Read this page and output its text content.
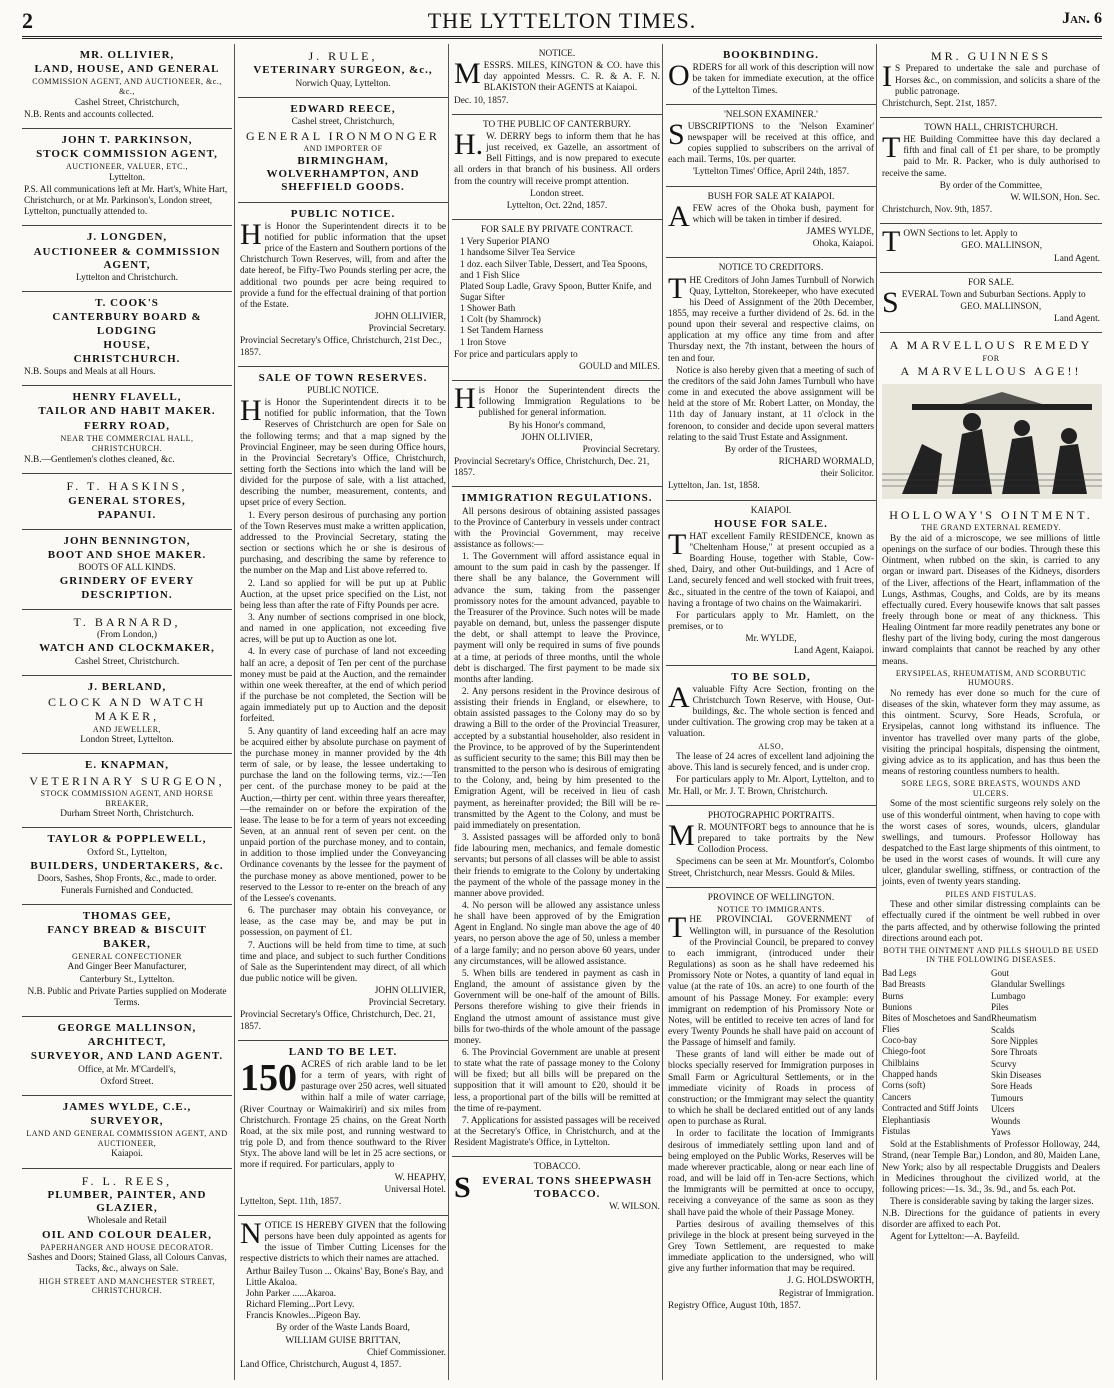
2	THE LYTTELTON TIMES.	Jan. 6
MR. OLLIVIER,
LAND, HOUSE, AND GENERAL
COMMISSION AGENT, AND AUCTIONEER, &c., &c.,
Cashel Street, Christchurch,
N.B. Rents and accounts collected.
JOHN T. PARKINSON,
STOCK COMMISSION AGENT,
AUCTIONEER, VALUER, ETC.,
Lyttelton.
P.S. All communications left at Mr. Hart's, White Hart, Christchurch, or at Mr. Parkinson's, London street, Lyttelton, punctually attended to.
J. LONGDEN,
AUCTIONEER & COMMISSION AGENT,
Lyttelton and Christchurch.
T. COOK'S
CANTERBURY BOARD & LODGING
HOUSE,
CHRISTCHURCH.
N.B. Soups and Meals at all Hours.
HENRY FLAVELL,
TAILOR AND HABIT MAKER.
FERRY ROAD,
NEAR THE COMMERCIAL HALL,
CHRISTCHURCH.
N.B.—Gentlemen's clothes cleaned, &c.
F. T. HASKINS,
GENERAL STORES,
PAPANUI.
JOHN BENNINGTON,
BOOT AND SHOE MAKER.
BOOTS OF ALL KINDS.
GRINDERY OF EVERY DESCRIPTION.
T. BARNARD,
(From London,)
WATCH AND CLOCKMAKER,
Cashel Street, Christchurch.
J. BERLAND,
CLOCK AND WATCH MAKER,
AND JEWELLER,
London Street, Lyttelton.
E. KNAPMAN,
VETERINARY SURGEON,
STOCK COMMISSION AGENT, AND HORSE BREAKER,
Durham Street North, Christchurch.
TAYLOR & POPPLEWELL,
Oxford St., Lyttelton,
BUILDERS, UNDERTAKERS, &c.
Doors, Sashes, Shop Fronts, &c., made to order.
Funerals Furnished and Conducted.
THOMAS GEE,
FANCY BREAD & BISCUIT BAKER,
GENERAL CONFECTIONER
And Ginger Beer Manufacturer,
Canterbury St., Lyttelton.
N.B. Public and Private Parties supplied on Moderate Terms.
GEORGE MALLINSON,
ARCHITECT,
SURVEYOR, AND LAND AGENT.
Office, at Mr. M'Cardell's,
Oxford Street.
JAMES WYLDE, C.E.,
SURVEYOR,
LAND AND GENERAL COMMISSION AGENT, AND AUCTIONEER,
Kaiapoi.
F. L. REES,
PLUMBER, PAINTER, AND GLAZIER,
Wholesale and Retail
OIL AND COLOUR DEALER,
PAPERHANGER AND HOUSE DECORATOR.
Sashes and Doors; Stained Glass, all Colours Canvas, Tacks, &c., always on Sale.
HIGH STREET AND MANCHESTER STREET, CHRISTCHURCH.
J. RULE,
VETERINARY SURGEON, &c.,
Norwich Quay, Lyttelton.
EDWARD REECE,
Cashel street, Christchurch,
GENERAL IRONMONGER
AND IMPORTER OF
BIRMINGHAM, WOLVERHAMPTON, AND SHEFFIELD GOODS.
PUBLIC NOTICE.
His Honor the Superintendent directs it to be notified for public information that the upset price of the Eastern and Southern portions of the Christchurch Town Reserves, will, from and after the date hereof, be Fifty-Two Pounds sterling per acre, the additional two pounds per acre being required to provide a fund for the effectual draining of that portion of the Estate.
JOHN OLLIVIER,
Provincial Secretary.
Provincial Secretary's Office, Christchurch, 21st Dec., 1857.
SALE OF TOWN RESERVES.
PUBLIC NOTICE.
His Honor the Superintendent directs it to be notified for public information, that the Town Reserves of Christchurch are open for Sale on the following terms; and that a map signed by the Provincial Engineer, may be seen during Office hours, in the Provincial Secretary's Office, Christchurch, setting forth the Sections into which the land will be divided for the purpose of sale, with a list attached, describing the number, measurement, contents, and upset price of every Section.
1. Every person desirous of purchasing any portion of the Town Reserves must make a written application, addressed to the Provincial Secretary, stating the section or sections which he or she is desirous of purchasing, and describing the same by reference to the number on the Map and List above referred to.
2. Land so applied for will be put up at Public Auction, at the upset price specified on the List, not being less than after the rate of Fifty Pounds per acre.
3. Any number of sections comprised in one block, and named in one application, not exceeding five acres, will be put up to Auction as one lot.
4. In every case of purchase of land not exceeding half an acre, a deposit of Ten per cent of the purchase money must be paid at the Auction, and the remainder within one week thereafter, at the end of which period if the purchase be not completed, the Section will be again immediately put up to Auction and the deposit forfeited.
5. Any quantity of land exceeding half an acre may be acquired either by absolute purchase on payment of the purchase money in manner provided by the 4th term of sale, or by lease, the lessee undertaking to purchase the land on the following terms, viz.:—Ten per cent. of the purchase money to be paid at the Auction,—thirty per cent. within three years thereafter,—the remainder on or before the expiration of the lease. The lease to be for a term of years not exceeding Seven, at an annual rent of seven per cent. on the unpaid portion of the purchase money, and to contain, in addition to those implied under the Conveyancing Ordinance covenants by the lessee for the payment of the purchase money as above mentioned, power to be reserved to the Lessor to re-enter on the breach of any of the Lessee's covenants.
6. The purchaser may obtain his conveyance, or lease, as the case may be, and may be put in possession, on payment of £1.
7. Auctions will be held from time to time, at such time and place, and subject to such further Conditions of Sale as the Superintendent may direct, of all which due public notice will be given.
JOHN OLLIVIER,
Provincial Secretary.
Provincial Secretary's Office, Christchurch, Dec. 21, 1857.
LAND TO BE LET.
150 ACRES of rich arable land to be let for a term of years, with right of pasturage over 250 acres, well situated within half a mile of water carriage, (River Courtnay or Waimakiriri) and six miles from Christchurch. Frontage 25 chains, on the Great North Road, at the six mile post, and running westward to trig pole D, and from thence southward to the River Styx. The above land will be let in 25 acre sections, or more if required. For particulars, apply to
W. HEAPHY,
Universal Hotel.
Lyttelton, Sept. 11th, 1857.
NOTICE IS HEREBY GIVEN that the following persons have been duly appointed as agents for the issue of Timber Cutting Licenses for the respective districts to which their names are attached.
Arthur Bailey Tuson ... Okains' Bay, Bone's Bay, and Little Akaloa.
John Parker ......Akaroa.
Richard Fleming...Port Levy.
Francis Knowles...Pigeon Bay.
By order of the Waste Lands Board,
WILLIAM GUISE BRITTAN,
Chief Commissioner.
Land Office, Christchurch, August 4, 1857.
NOTICE.
MESSRS. MILES, KINGTON & CO. have this day appointed Messrs. C. R. & A. F. N. BLAKISTON their AGENTS at Kaiapoi.
Dec. 10, 1857.
TO THE PUBLIC OF CANTERBURY.
H.W. DERRY begs to inform them that he has just received, ex Gazelle, an assortment of Bell Fittings, and is now prepared to execute all orders in that branch of his business. All orders from the country will receive prompt attention.
London street.
Lyttelton, Oct. 22nd, 1857.
FOR SALE BY PRIVATE CONTRACT.
1 Very Superior PIANO
1 handsome Silver Tea Service
1 doz. each Silver Table, Dessert, and Tea Spoons, and 1 Fish Slice
Plated Soup Ladle, Gravy Spoon, Butter Knife, and Sugar Sifter
1 Shower Bath
1 Colt (by Shamrock)
1 Set Tandem Harness
1 Iron Stove
For price and particulars apply to
GOULD and MILES.
His Honor the Superintendent directs the following Immigration Regulations to be published for general information.
By his Honor's command,
JOHN OLLIVIER,
Provincial Secretary.
Provincial Secretary's Office, Christchurch, Dec. 21, 1857.
IMMIGRATION REGULATIONS.
All persons desirous of obtaining assisted passages to the Province of Canterbury in vessels under contract with the Provincial Government, may receive assistance as follows:—
1. The Government will afford assistance equal in amount to the sum paid in cash by the passenger. If there shall be any balance, the Government will advance the sum, taking from the passenger promissory notes for the amount advanced, payable to the Treasurer of the Province. Such notes will be made payable on demand, but, unless the passenger dispute the debt, or shall attempt to leave the Province, payment will only be required in sums of five pounds at a time, at periods of three months, until the whole debt is discharged. The first payment to be made six months after landing.
2. Any persons resident in the Province desirous of assisting their friends in England, or elsewhere, to obtain assisted passages to the Colony may do so by drawing a Bill to the order of the Provincial Treasurer, accepted by a substantial householder, also resident in the Province, to be approved of by the Superintendent as sufficient security to the same; this Bill may then be transmitted to the person who is desirous of emigrating to the Colony, and, being by him presented to the Emigration Agent, will be received in lieu of cash payment, as hereinafter provided; the Bill will be re-transmitted by the Agent to the Colony, and must be paid immediately on presentation.
3. Assisted passages will be afforded only to bonâ fide labouring men, mechanics, and female domestic servants; but persons of all classes will be able to assist their friends to emigrate to the Colony by undertaking the payment of the whole of the passage money in the manner above provided.
4. No person will be allowed any assistance unless he shall have been approved of by the Emigration Agent in England. No single man above the age of 40 years, no person above the age of 50, unless a member of a large family; and no person above 60 years, under any circumstances, will be allowed assistance.
5. When bills are tendered in payment as cash in England, the amount of assistance given by the Government will be one-half of the amount of Bills. Persons therefore wishing to give their friends in England the utmost amount of assistance must give bills for two-thirds of the whole amount of the passage money.
6. The Provincial Government are unable at present to state what the rate of passage money to the Colony will be fixed; but all bills will be prepared on the supposition that it will amount to £20, should it be less, a proportional part of the bills will be remitted at the time of re-payment.
7. Applications for assisted passages will be received at the Secretary's Office, in Christchurch, and at the Resident Magistrate's Office, in Lyttelton.
TOBACCO.
SEVERAL TONS SHEEPWASH TOBACCO.
W. WILSON.
BOOKBINDING.
ORDERS for all work of this description will now be taken for immediate execution, at the office of the Lyttelton Times.
'NELSON EXAMINER.'
SUBSCRIPTIONS to the 'Nelson Examiner' newspaper will be received at this office, and copies supplied to subscribers on the arrival of each mail. Terms, 10s. per quarter.
'Lyttelton Times' Office, April 24th, 1857.
BUSH FOR SALE AT KAIAPOI.
AFEW acres of the Ohoka bush, payment for which will be taken in timber if desired.
JAMES WYLDE,
Ohoka, Kaiapoi.
NOTICE TO CREDITORS.
THE Creditors of John James Turnbull of Norwich Quay, Lyttelton, Storekeeper, who have executed his Deed of Assignment of the 20th December, 1855, may receive a further dividend of 2s. 6d. in the pound upon their several and respective claims, on application at my office any time from and after Thursday next, the 7th instant, between the hours of ten and four.
Notice is also hereby given that a meeting of such of the creditors of the said John James Turnbull who have come in and executed the above assignment will be held at the store of Mr. Robert Latter, on Monday, the 11th day of January instant, at 11 o'clock in the forenoon, to consider and decide upon several matters relating to the said Trust Estate and Assignment.
By order of the Trustees,
RICHARD WORMALD,
their Solicitor.
Lyttelton, Jan. 1st, 1858.
KAIAPOI.
HOUSE FOR SALE.
THAT excellent Family RESIDENCE, known as "Cheltenham House," at present occupied as a Boarding House, together with Stable, Cow-shed, Dairy, and other Out-buildings, and 1 Acre of Land, securely fenced and well stocked with fruit trees, &c., situated in the centre of the town of Kaiapoi, and having a frontage of two chains on the Waimakariri.
For particulars apply to Mr. Hamlett, on the premises, or to
Mr. WYLDE,
Land Agent, Kaiapoi.
TO BE SOLD,
Avaluable Fifty Acre Section, fronting on the Christchurch Town Reserve, with House, Out-buildings, &c. The whole section is fenced and under cultivation. The growing crop may be taken at a valuation.
ALSO,
The lease of 24 acres of excellent land adjoining the above. This land is securely fenced, and is under crop.
For particulars apply to Mr. Alport, Lyttelton, and to Mr. Hall, or Mr. J. T. Brown, Christchurch.
PHOTOGRAPHIC PORTRAITS.
MR. MOUNTFORT begs to announce that he is prepared to take portraits by the New Collodion Process.
Specimens can be seen at Mr. Mountfort's, Colombo Street, Christchurch, near Messrs. Gould & Miles.
PROVINCE OF WELLINGTON.
NOTICE TO IMMIGRANTS.
THE PROVINCIAL GOVERNMENT of Wellington will, in pursuance of the Resolution of the Provincial Council, be prepared to convey to each immigrant, (introduced under their Regulations) as soon as he shall have redeemed his Promissory Note or Notes, a quantity of land equal in value (at the rate of 10s. an acre) to one fourth of the amount of his Passage Money. For example: every immigrant on redemption of his Promissory Note or Notes, will be entitled to receive ten acres of land for every Twenty Pounds he shall have paid on account of the Passage of himself and family.
These grants of land will either be made out of blocks specially reserved for Immigration purposes in Small Farm or Agricultural Settlements, or in the immediate vicinity of Roads in process of construction; or the Immigrant may select the quantity to which he shall be declared entitled out of any lands open to purchase as Rural.
In order to facilitate the location of Immigrants desirous of immediately settling upon land and of being employed on the Public Works, Reserves will be made wherever practicable, along or near each line of road, and will be laid off in Ten-acre Sections, which the Immigrants will be permitted at once to occupy, receiving a conveyance of the same as soon as they shall have paid the whole of their Passage Money.
Parties desirous of availing themselves of this privilege in the block at present being surveyed in the Grey Town Settlement, are requested to make immediate application to the undersigned, who will give any further information that may be required.
J. G. HOLDSWORTH,
Registrar of Immigration.
Registry Office, August 10th, 1857.
MR. GUINNESS
IS Prepared to undertake the sale and purchase of Horses &c., on commission, and solicits a share of the public patronage.
Christchurch, Sept. 21st, 1857.
TOWN HALL, CHRISTCHURCH.
THE Building Committee have this day declared a fifth and final call of £1 per share, to be promptly paid to Mr. R. Packer, who is duly authorised to receive the same.
By order of the Committee,
W. WILSON, Hon. Sec.
Christchurch, Nov. 9th, 1857.
TOWN Sections to let. Apply to
GEO. MALLINSON,
Land Agent.
FOR SALE.
SEVERAL Town and Suburban Sections. Apply to
GEO. MALLINSON,
Land Agent.
A MARVELLOUS REMEDY
FOR
A MARVELLOUS AGE!!
HOLLOWAY'S OINTMENT.
THE GRAND EXTERNAL REMEDY.
By the aid of a microscope, we see millions of little openings on the surface of our bodies. Through these this Ointment, when rubbed on the skin, is carried to any organ or inward part. Diseases of the Kidneys, disorders of the Liver, affections of the Heart, inflammation of the Lungs, Asthmas, Coughs, and Colds, are by its means effectually cured. Every housewife knows that salt passes freely through bone or meat of any thickness. This Healing Ointment far more readily penetrates any bone or fleshy part of the living body, curing the most dangerous inward complaints that cannot be reached by any other means.
ERYSIPELAS, RHEUMATISM, AND SCORBUTIC HUMOURS.
No remedy has ever done so much for the cure of diseases of the skin, whatever form they may assume, as this ointment. Scurvy, Sore Heads, Scrofula, or Erysipelas, cannot long withstand its influence. The inventor has travelled over many parts of the globe, visiting the principal hospitals, dispensing the ointment, giving advice as to its application, and has thus been the means of restoring countless numbers to health.
SORE LEGS, SORE BREASTS, WOUNDS AND ULCERS.
Some of the most scientific surgeons rely solely on the use of this wonderful ointment, when having to cope with the worst cases of sores, wounds, ulcers, glandular swellings, and tumours. Professor Holloway has despatched to the East large shipments of this ointment, to be used in the worst cases of wounds. It will cure any ulcer, glandular swelling, stiffness, or contraction of the joints, even of twenty years standing.
PILES AND FISTULAS.
These and other similar distressing complaints can be effectually cured if the ointment be well rubbed in over the parts affected, and by otherwise following the printed directions around each pot.
BOTH THE OINTMENT AND PILLS SHOULD BE USED IN THE FOLLOWING DISEASES.
Bad Legs
Bad Breasts
Burns
Bunions
Bites of Moschetoes and Sand Flies
Coco-bay
Chiego-foot
Chilblains
Chapped hands
Corns (soft)
Cancers
Contracted and Stiff Joints
Elephantiasis
Fistulas
Gout
Glandular Swellings
Lumbago
Piles
Rheumatism
Scalds
Sore Nipples
Sore Throats
Scurvy
Skin Diseases
Sore Heads
Tumours
Ulcers
Wounds
Yaws
Sold at the Establishments of Professor Holloway, 244, Strand, (near Temple Bar,) London, and 80, Maiden Lane, New York; also by all respectable Druggists and Dealers in Medicines throughout the civilized world, at the following prices:—1s. 3d., 3s. 9d., and 5s. each Pot.
There is considerable saving by taking the larger sizes.
N.B. Directions for the guidance of patients in every disorder are affixed to each Pot.
Agent for Lyttelton:—A. Bayfeild.
